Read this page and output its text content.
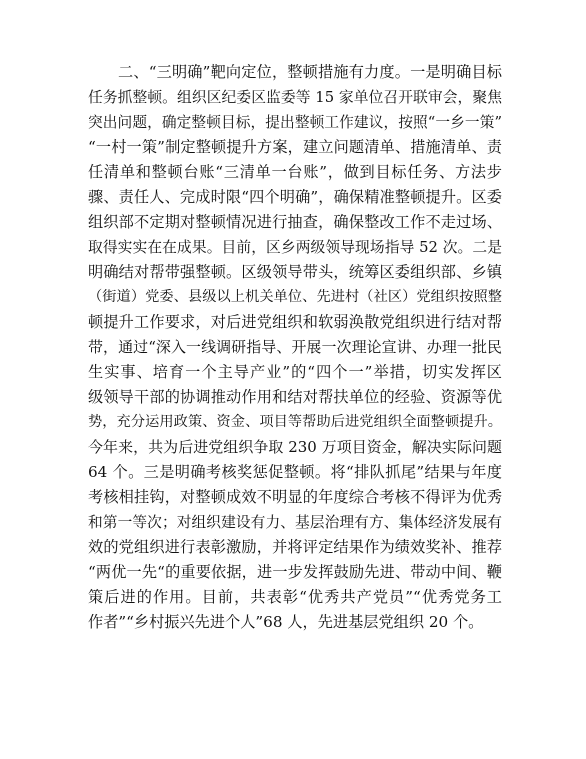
二、“三明确”靶向定位，整顿措施有力度。一是明确目标
任务抓整顿。组织区纪委区监委等 15 家单位召开联审会，聚焦
突出问题，确定整顿目标，提出整顿工作建议，按照“一乡一策”
“一村一策”制定整顿提升方案，建立问题清单、措施清单、责
任清单和整顿台账“三清单一台账”，做到目标任务、方法步
骤、责任人、完成时限“四个明确”，确保精准整顿提升。区委
组织部不定期对整顿情况进行抽查，确保整改工作不走过场、
取得实实在在成果。目前，区乡两级领导现场指导 52 次。二是
明确结对帮带强整顿。区级领导带头，统筹区委组织部、乡镇
（街道）党委、县级以上机关单位、先进村（社区）党组织按照整
顿提升工作要求，对后进党组织和软弱涣散党组织进行结对帮
带，通过“深入一线调研指导、开展一次理论宣讲、办理一批民
生实事、培育一个主导产业”的“四个一”举措，切实发挥区
级领导干部的协调推动作用和结对帮扶单位的经验、资源等优
势，充分运用政策、资金、项目等帮助后进党组织全面整顿提升。
今年来，共为后进党组织争取 230 万项目资金，解决实际问题
64 个。三是明确考核奖惩促整顿。将“排队抓尾”结果与年度
考核相挂钩，对整顿成效不明显的年度综合考核不得评为优秀
和第一等次；对组织建设有力、基层治理有方、集体经济发展有
效的党组织进行表彰激励，并将评定结果作为绩效奖补、推荐
“两优一先“的重要依据，进一步发挥鼓励先进、带动中间、鞭
策后进的作用。目前，共表彰“优秀共产党员”“优秀党务工
作者”“乡村振兴先进个人”68 人，先进基层党组织 20 个。
